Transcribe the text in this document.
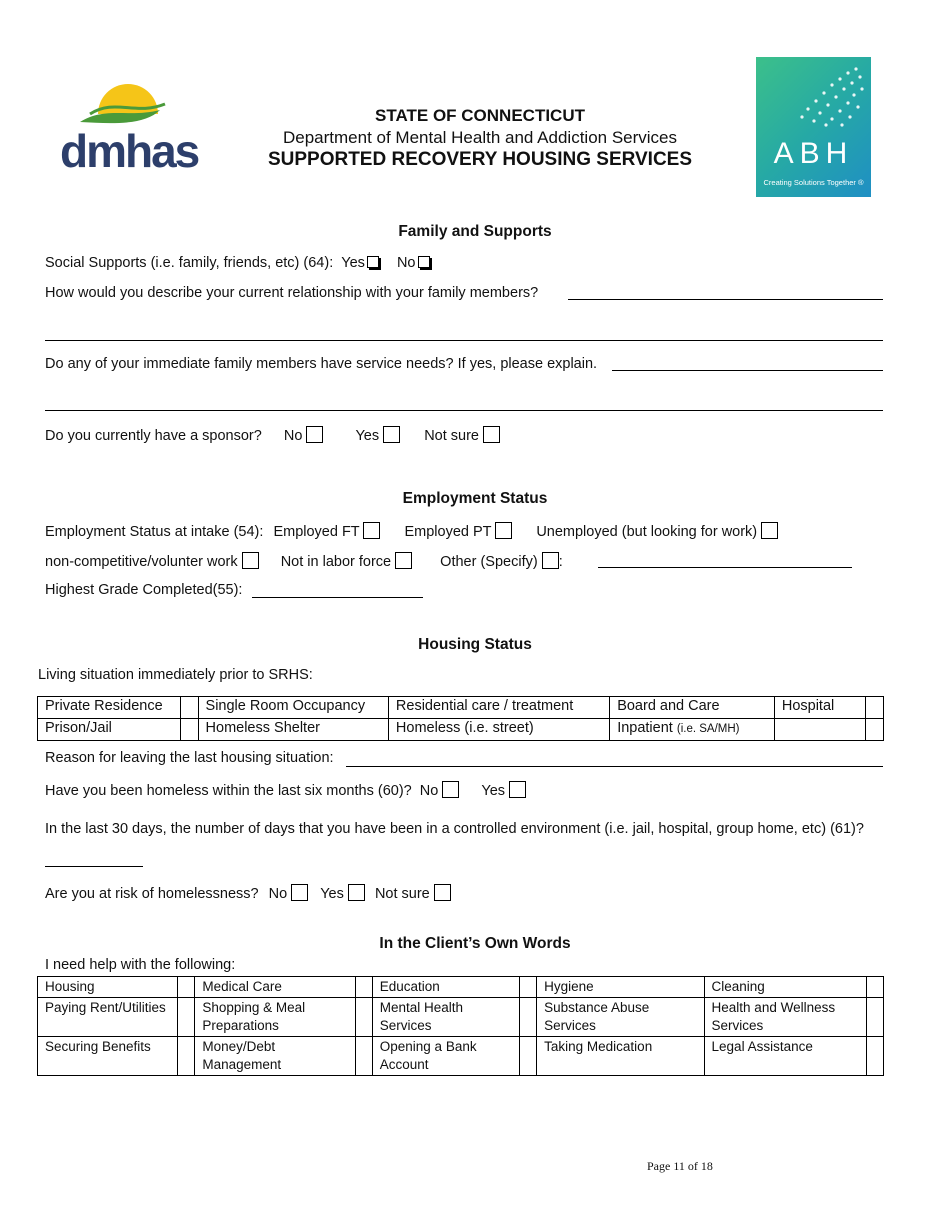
dmhas
STATE OF CONNECTICUT
Department of Mental Health and Addiction Services
SUPPORTED RECOVERY HOUSING SERVICES	ABH
Creating Solutions Together ®
Family and Supports
Social Supports (i.e. family, friends, etc) (64): Yes No
How would you describe your current relationship with your family members?
Do any of your immediate family members have service needs? If yes, please explain.
Do you currently have a sponsor? No	Yes	Not sure
Employment Status
Employment Status at intake (54): Employed FT	Employed PT	Unemployed (but looking for work)
non-competitive/volunter work	Not in labor force	Other (Specify) :
Highest Grade Completed(55):
Housing Status
Living situation immediately prior to SRHS:
Private Residence		Single Room Occupancy	Residential care / treatment	Board and Care	Hospital	
Prison/Jail		Homeless Shelter	Homeless (i.e. street)	Inpatient (i.e. SA/MH)		
Reason for leaving the last housing situation:
Have you been homeless within the last six months (60)? No	Yes
In the last 30 days, the number of days that you have been in a controlled environment (i.e. jail, hospital, group home, etc) (61)?
Are you at risk of homelessness? No Yes Not sure
In the Client’s Own Words
I need help with the following:
Housing		Medical Care		Education		Hygiene	Cleaning	
Paying Rent/Utilities		Shopping & Meal Preparations		Mental Health Services		Substance Abuse Services	Health and Wellness Services	
Securing Benefits		Money/Debt Management		Opening a Bank Account		Taking Medication	Legal Assistance	
Page 11 of 18
